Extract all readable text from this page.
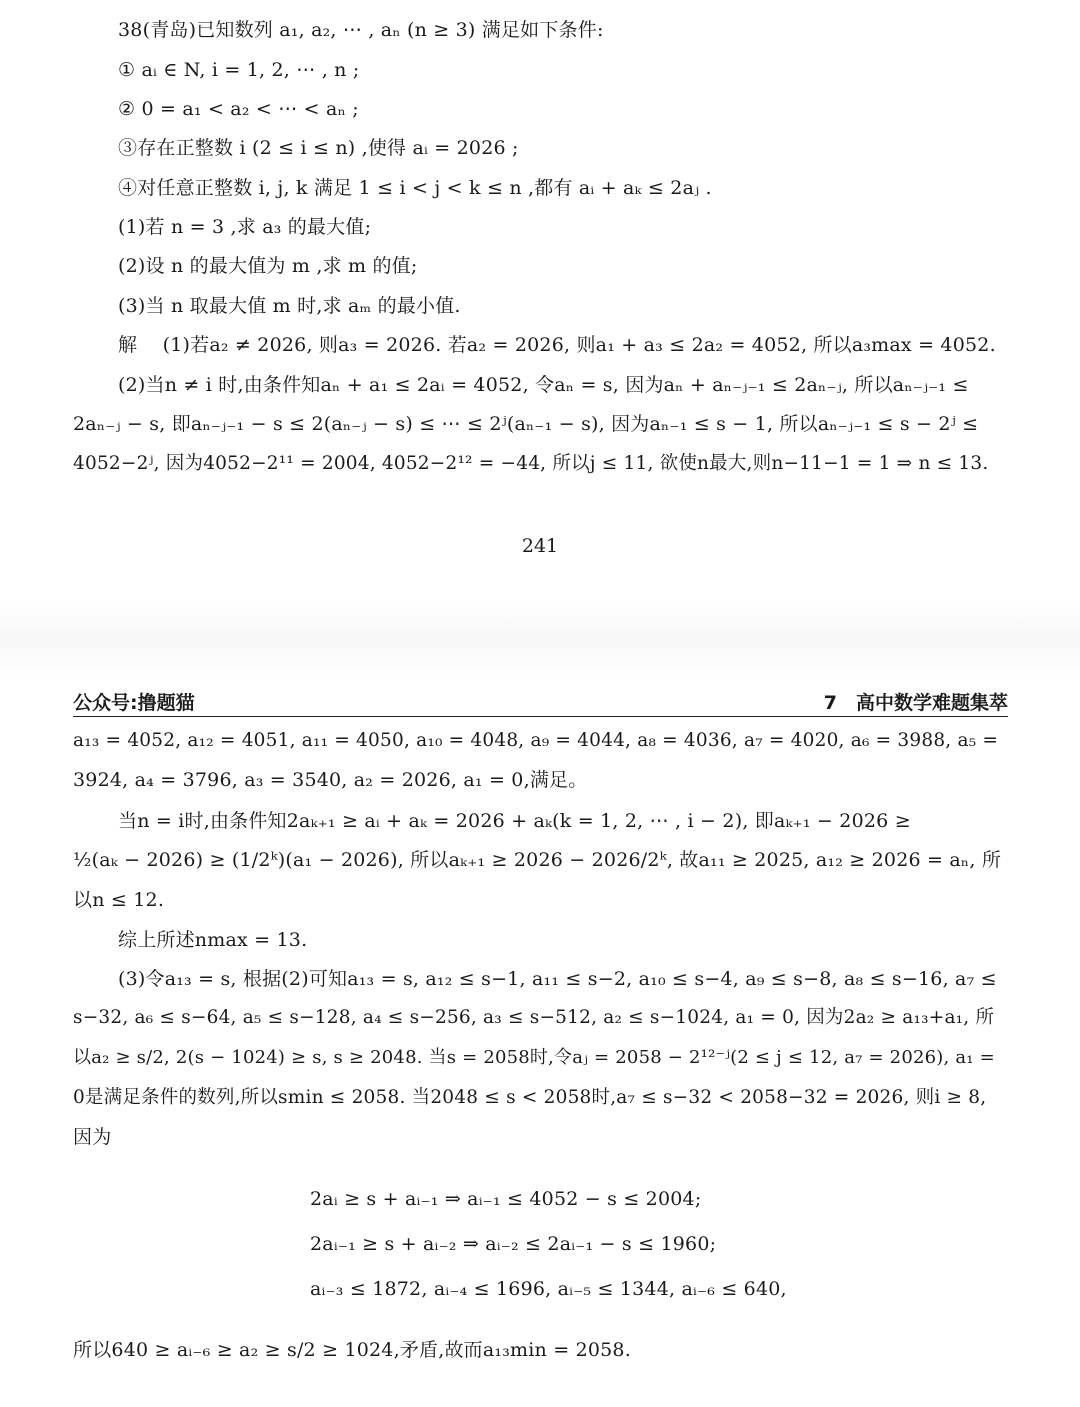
38(青岛)已知数列 a₁, a₂, ⋯ , aₙ (n ≥ 3) 满足如下条件:
① aᵢ ∈ N, i = 1, 2, ⋯ , n ;
② 0 = a₁ < a₂ < ⋯ < aₙ ;
③存在正整数 i (2 ≤ i ≤ n) ,使得 aᵢ = 2026 ;
④对任意正整数 i, j, k 满足 1 ≤ i < j < k ≤ n ,都有 aᵢ + aₖ ≤ 2aⱼ .
(1)若 n = 3 ,求 a₃ 的最大值;
(2)设 n 的最大值为 m ,求 m 的值;
(3)当 n 取最大值 m 时,求 aₘ 的最小值.
解　 (1)若a₂ ≠ 2026, 则a₃ = 2026. 若a₂ = 2026, 则a₁ + a₃ ≤ 2a₂ = 4052, 所以a₃max = 4052.
(2)当n ≠ i 时,由条件知aₙ + a₁ ≤ 2aᵢ = 4052, 令aₙ = s, 因为aₙ + aₙ₋ⱼ₋₁ ≤ 2aₙ₋ⱼ, 所以aₙ₋ⱼ₋₁ ≤
2aₙ₋ⱼ − s, 即aₙ₋ⱼ₋₁ − s ≤ 2(aₙ₋ⱼ − s) ≤ ⋯ ≤ 2ʲ(aₙ₋₁ − s), 因为aₙ₋₁ ≤ s − 1, 所以aₙ₋ⱼ₋₁ ≤ s − 2ʲ ≤
4052−2ʲ, 因为4052−2¹¹ = 2004, 4052−2¹² = −44, 所以j ≤ 11, 欲使n最大,则n−11−1 = 1 ⇒ n ≤ 13.
241
公众号:撸题猫	7　高中数学难题集萃
a₁₃ = 4052, a₁₂ = 4051, a₁₁ = 4050, a₁₀ = 4048, a₉ = 4044, a₈ = 4036, a₇ = 4020, a₆ = 3988, a₅ =
3924, a₄ = 3796, a₃ = 3540, a₂ = 2026, a₁ = 0,满足。
当n = i时,由条件知2aₖ₊₁ ≥ aᵢ + aₖ = 2026 + aₖ(k = 1, 2, ⋯ , i − 2), 即aₖ₊₁ − 2026 ≥
½(aₖ − 2026) ≥ (1/2ᵏ)(a₁ − 2026), 所以aₖ₊₁ ≥ 2026 − 2026/2ᵏ, 故a₁₁ ≥ 2025, a₁₂ ≥ 2026 = aₙ, 所
以n ≤ 12.
综上所述nmax = 13.
(3)令a₁₃ = s, 根据(2)可知a₁₃ = s, a₁₂ ≤ s−1, a₁₁ ≤ s−2, a₁₀ ≤ s−4, a₉ ≤ s−8, a₈ ≤ s−16, a₇ ≤
s−32, a₆ ≤ s−64, a₅ ≤ s−128, a₄ ≤ s−256, a₃ ≤ s−512, a₂ ≤ s−1024, a₁ = 0, 因为2a₂ ≥ a₁₃+a₁, 所
以a₂ ≥ s/2, 2(s − 1024) ≥ s, s ≥ 2048. 当s = 2058时,令aⱼ = 2058 − 2¹²⁻ʲ(2 ≤ j ≤ 12, a₇ = 2026), a₁ =
0是满足条件的数列,所以smin ≤ 2058. 当2048 ≤ s < 2058时,a₇ ≤ s−32 < 2058−32 = 2026, 则i ≥ 8,
因为
2aᵢ ≥ s + aᵢ₋₁ ⇒ aᵢ₋₁ ≤ 4052 − s ≤ 2004;
2aᵢ₋₁ ≥ s + aᵢ₋₂ ⇒ aᵢ₋₂ ≤ 2aᵢ₋₁ − s ≤ 1960;
aᵢ₋₃ ≤ 1872, aᵢ₋₄ ≤ 1696, aᵢ₋₅ ≤ 1344, aᵢ₋₆ ≤ 640,
所以640 ≥ aᵢ₋₆ ≥ a₂ ≥ s/2 ≥ 1024,矛盾,故而a₁₃min = 2058.
